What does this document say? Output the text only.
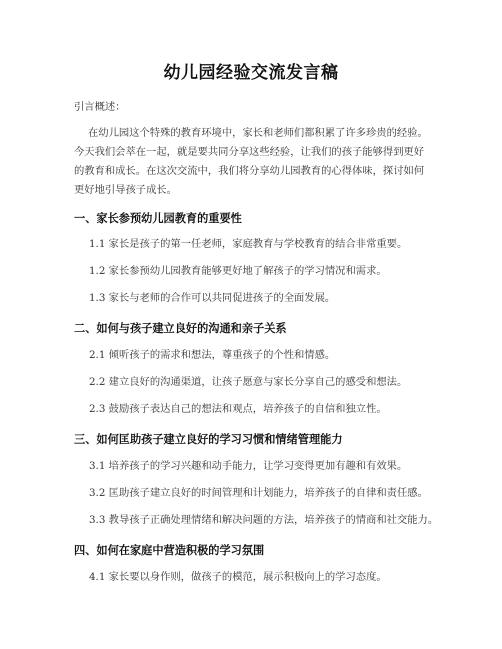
幼儿园经验交流发言稿
引言概述：
在幼儿园这个特殊的教育环境中，家长和老师们都积累了许多珍贵的经验。今天我们会萃在一起，就是要共同分享这些经验，让我们的孩子能够得到更好的教育和成长。在这次交流中，我们将分享幼儿园教育的心得体味，探讨如何更好地引导孩子成长。
一、家长参预幼儿园教育的重要性
1.1 家长是孩子的第一任老师，家庭教育与学校教育的结合非常重要。
1.2 家长参预幼儿园教育能够更好地了解孩子的学习情况和需求。
1.3 家长与老师的合作可以共同促进孩子的全面发展。
二、如何与孩子建立良好的沟通和亲子关系
2.1 倾听孩子的需求和想法，尊重孩子的个性和情感。
2.2 建立良好的沟通渠道，让孩子愿意与家长分享自己的感受和想法。
2.3 鼓励孩子表达自己的想法和观点，培养孩子的自信和独立性。
三、如何匡助孩子建立良好的学习习惯和情绪管理能力
3.1 培养孩子的学习兴趣和动手能力，让学习变得更加有趣和有效果。
3.2 匡助孩子建立良好的时间管理和计划能力，培养孩子的自律和责任感。
3.3 教导孩子正确处理情绪和解决问题的方法，培养孩子的情商和社交能力。
四、如何在家庭中营造积极的学习氛围
4.1 家长要以身作则，做孩子的模范，展示积极向上的学习态度。
